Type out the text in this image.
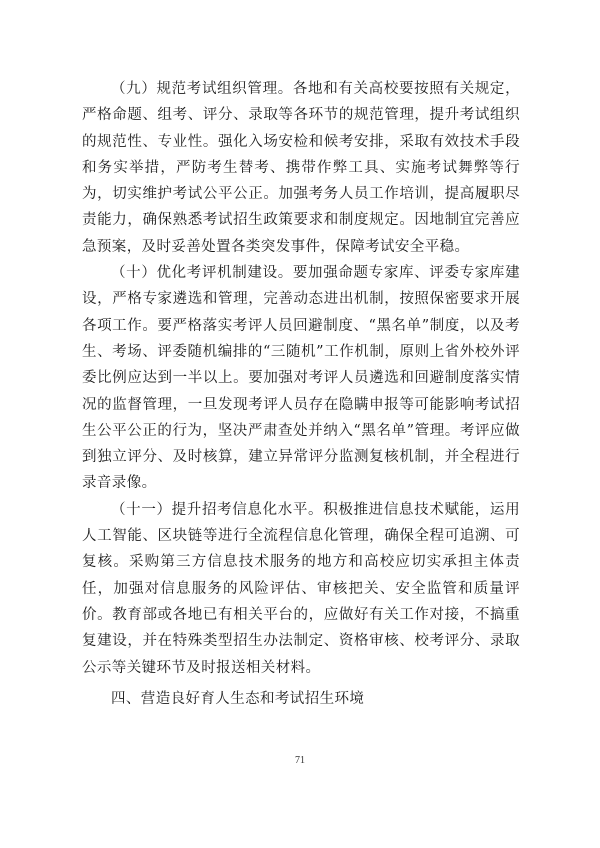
（九）规范考试组织管理。各地和有关高校要按照有关规定，严格命题、组考、评分、录取等各环节的规范管理，提升考试组织的规范性、专业性。强化入场安检和候考安排，采取有效技术手段和务实举措，严防考生替考、携带作弊工具、实施考试舞弊等行为，切实维护考试公平公正。加强考务人员工作培训，提高履职尽责能力，确保熟悉考试招生政策要求和制度规定。因地制宜完善应急预案，及时妥善处置各类突发事件，保障考试安全平稳。

（十）优化考评机制建设。要加强命题专家库、评委专家库建设，严格专家遴选和管理，完善动态进出机制，按照保密要求开展各项工作。要严格落实考评人员回避制度、“黑名单”制度，以及考生、考场、评委随机编排的“三随机”工作机制，原则上省外校外评委比例应达到一半以上。要加强对考评人员遴选和回避制度落实情况的监督管理，一旦发现考评人员存在隐瞒申报等可能影响考试招生公平公正的行为，坚决严肃查处并纳入“黑名单”管理。考评应做到独立评分、及时核算，建立异常评分监测复核机制，并全程进行录音录像。

（十一）提升招考信息化水平。积极推进信息技术赋能，运用人工智能、区块链等进行全流程信息化管理，确保全程可追溯、可复核。采购第三方信息技术服务的地方和高校应切实承担主体责任，加强对信息服务的风险评估、审核把关、安全监管和质量评价。教育部或各地已有相关平台的，应做好有关工作对接，不搞重复建设，并在特殊类型招生办法制定、资格审核、校考评分、录取公示等关键环节及时报送相关材料。

四、营造良好育人生态和考试招生环境

71
